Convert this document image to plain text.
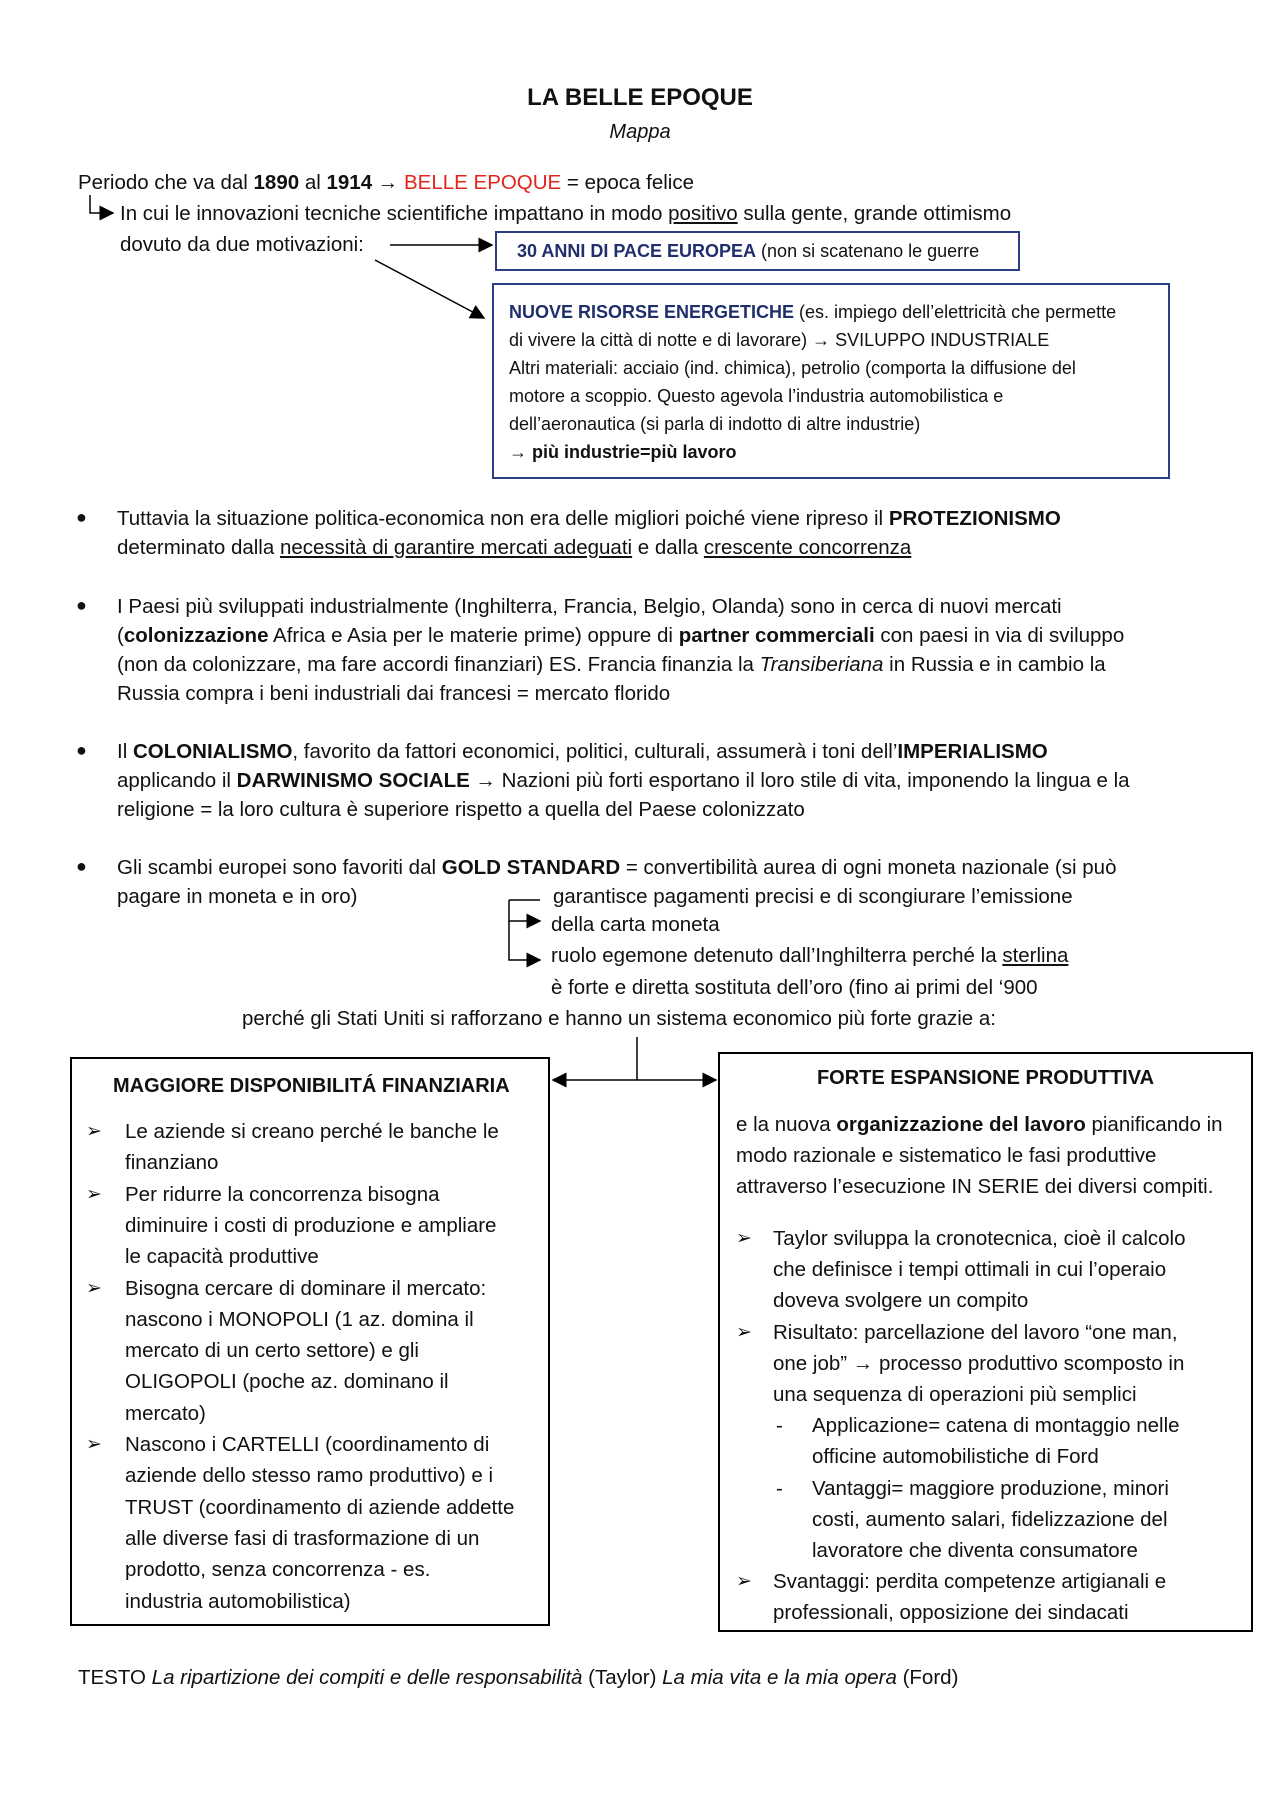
LA BELLE EPOQUE
Mappa
Periodo che va dal 1890 al 1914 → BELLE EPOQUE = epoca felice
In cui le innovazioni tecniche scientifiche impattano in modo positivo sulla gente, grande ottimismo
dovuto da due motivazioni:	30 ANNI DI PACE EUROPEA (non si scatenano le guerre
NUOVE RISORSE ENERGETICHE (es. impiego dell’elettricità che permette
di vivere la città di notte e di lavorare) → SVILUPPO INDUSTRIALE
Altri materiali: acciaio (ind. chimica), petrolio (comporta la diffusione del
motore a scoppio. Questo agevola l’industria automobilistica e
dell’aeronautica (si parla di indotto di altre industrie)
→ più industrie=più lavoro
● Tuttavia la situazione politica-economica non era delle migliori poiché viene ripreso il PROTEZIONISMO
determinato dalla necessità di garantire mercati adeguati e dalla crescente concorrenza
● I Paesi più sviluppati industrialmente (Inghilterra, Francia, Belgio, Olanda) sono in cerca di nuovi mercati
(colonizzazione Africa e Asia per le materie prime) oppure di partner commerciali con paesi in via di sviluppo
(non da colonizzare, ma fare accordi finanziari) ES. Francia finanzia la Transiberiana in Russia e in cambio la
Russia compra i beni industriali dai francesi = mercato florido
● Il COLONIALISMO, favorito da fattori economici, politici, culturali, assumerà i toni dell’IMPERIALISMO
applicando il DARWINISMO SOCIALE → Nazioni più forti esportano il loro stile di vita, imponendo la lingua e la
religione = la loro cultura è superiore rispetto a quella del Paese colonizzato
● Gli scambi europei sono favoriti dal GOLD STANDARD = convertibilità aurea di ogni moneta nazionale (si può
pagare in moneta e in oro)	garantisce pagamenti precisi e di scongiurare l’emissione
della carta moneta
ruolo egemone detenuto dall’Inghilterra perché la sterlina
è forte e diretta sostituta dell’oro (fino ai primi del ‘900
perché gli Stati Uniti si rafforzano e hanno un sistema economico più forte grazie a:
MAGGIORE DISPONIBILITÁ FINANZIARIA
➢ Le aziende si creano perché le banche le
finanziano
➢ Per ridurre la concorrenza bisogna
diminuire i costi di produzione e ampliare
le capacità produttive
➢ Bisogna cercare di dominare il mercato:
nascono i MONOPOLI (1 az. domina il
mercato di un certo settore) e gli
OLIGOPOLI (poche az. dominano il
mercato)
➢ Nascono i CARTELLI (coordinamento di
aziende dello stesso ramo produttivo) e i
TRUST (coordinamento di aziende addette
alle diverse fasi di trasformazione di un
prodotto, senza concorrenza - es.
industria automobilistica)
FORTE ESPANSIONE PRODUTTIVA
e la nuova organizzazione del lavoro pianificando in
modo razionale e sistematico le fasi produttive
attraverso l’esecuzione IN SERIE dei diversi compiti.
➢ Taylor sviluppa la cronotecnica, cioè il calcolo
che definisce i tempi ottimali in cui l’operaio
doveva svolgere un compito
➢ Risultato: parcellazione del lavoro “one man,
one job” → processo produttivo scomposto in
una sequenza di operazioni più semplici
- Applicazione= catena di montaggio nelle
officine automobilistiche di Ford
- Vantaggi= maggiore produzione, minori
costi, aumento salari, fidelizzazione del
lavoratore che diventa consumatore
➢ Svantaggi: perdita competenze artigianali e
professionali, opposizione dei sindacati
TESTO La ripartizione dei compiti e delle responsabilità (Taylor) La mia vita e la mia opera (Ford)
